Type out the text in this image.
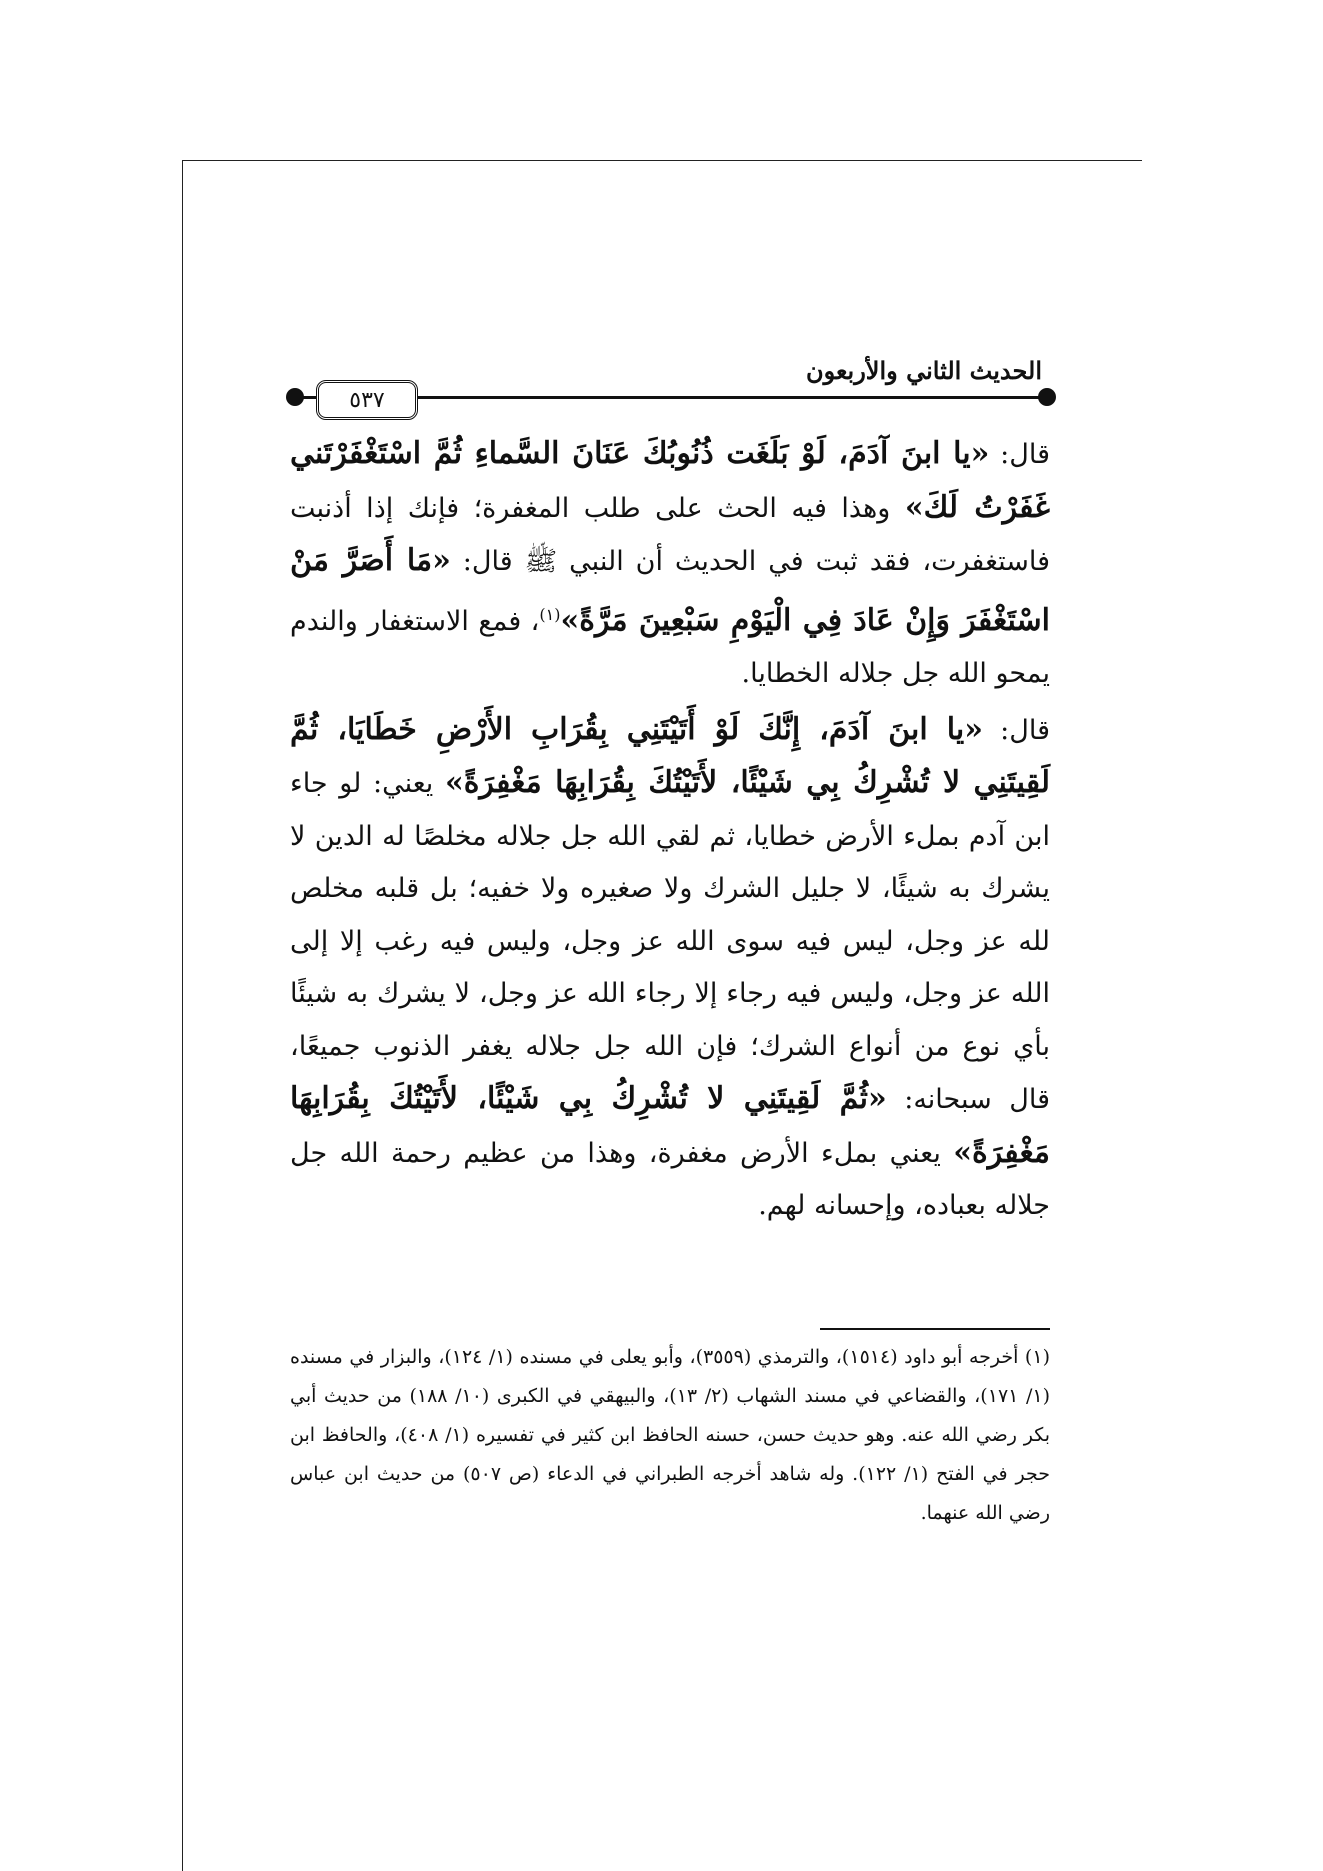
الحديث الثاني والأربعون
٥٣٧

قال: «يا ابنَ آدَمَ، لَوْ بَلَغَت ذُنُوبُكَ عَنَانَ السَّماءِ ثُمَّ اسْتَغْفَرْتَني غَفَرْتُ لَكَ» وهذا فيه الحث على طلب المغفرة؛ فإنك إذا أذنبت فاستغفرت، فقد ثبت في الحديث أن النبي ﷺ قال: «مَا أَصَرَّ مَنْ اسْتَغْفَرَ وَإِنْ عَادَ فِي الْيَوْمِ سَبْعِينَ مَرَّةً»$^{(١)}$، فمع الاستغفار والندم يمحو الله جل جلاله الخطايا.

قال: «يا ابنَ آدَمَ، إِنَّكَ لَوْ أَتَيْتَنِي بِقُرَابِ الأَرْضِ خَطَايَا، ثُمَّ لَقِيتَنِي لا تُشْرِكُ بِي شَيْئًا، لأَتَيْتُكَ بِقُرَابِهَا مَغْفِرَةً» يعني: لو جاء ابن آدم بملء الأرض خطايا، ثم لقي الله جل جلاله مخلصًا له الدين لا يشرك به شيئًا، لا جليل الشرك ولا صغيره ولا خفيه؛ بل قلبه مخلص لله عز وجل، ليس فيه سوى الله عز وجل، وليس فيه رغب إلا إلى الله عز وجل، وليس فيه رجاء إلا رجاء الله عز وجل، لا يشرك به شيئًا بأي نوع من أنواع الشرك؛ فإن الله جل جلاله يغفر الذنوب جميعًا، قال سبحانه: «ثُمَّ لَقِيتَنِي لا تُشْرِكُ بِي شَيْئًا، لأَتَيْتُكَ بِقُرَابِهَا مَغْفِرَةً» يعني بملء الأرض مغفرة، وهذا من عظيم رحمة الله جل جلاله بعباده، وإحسانه لهم.

(١) أخرجه أبو داود (١٥١٤)، والترمذي (٣٥٥٩)، وأبو يعلى في مسنده (١/ ١٢٤)، والبزار في مسنده (١/ ١٧١)، والقضاعي في مسند الشهاب (٢/ ١٣)، والبيهقي في الكبرى (١٠/ ١٨٨) من حديث أبي بكر رضي الله عنه. وهو حديث حسن، حسنه الحافظ ابن كثير في تفسيره (١/ ٤٠٨)، والحافظ ابن حجر في الفتح (١/ ١٢٢). وله شاهد أخرجه الطبراني في الدعاء (ص ٥٠٧) من حديث ابن عباس رضي الله عنهما.
